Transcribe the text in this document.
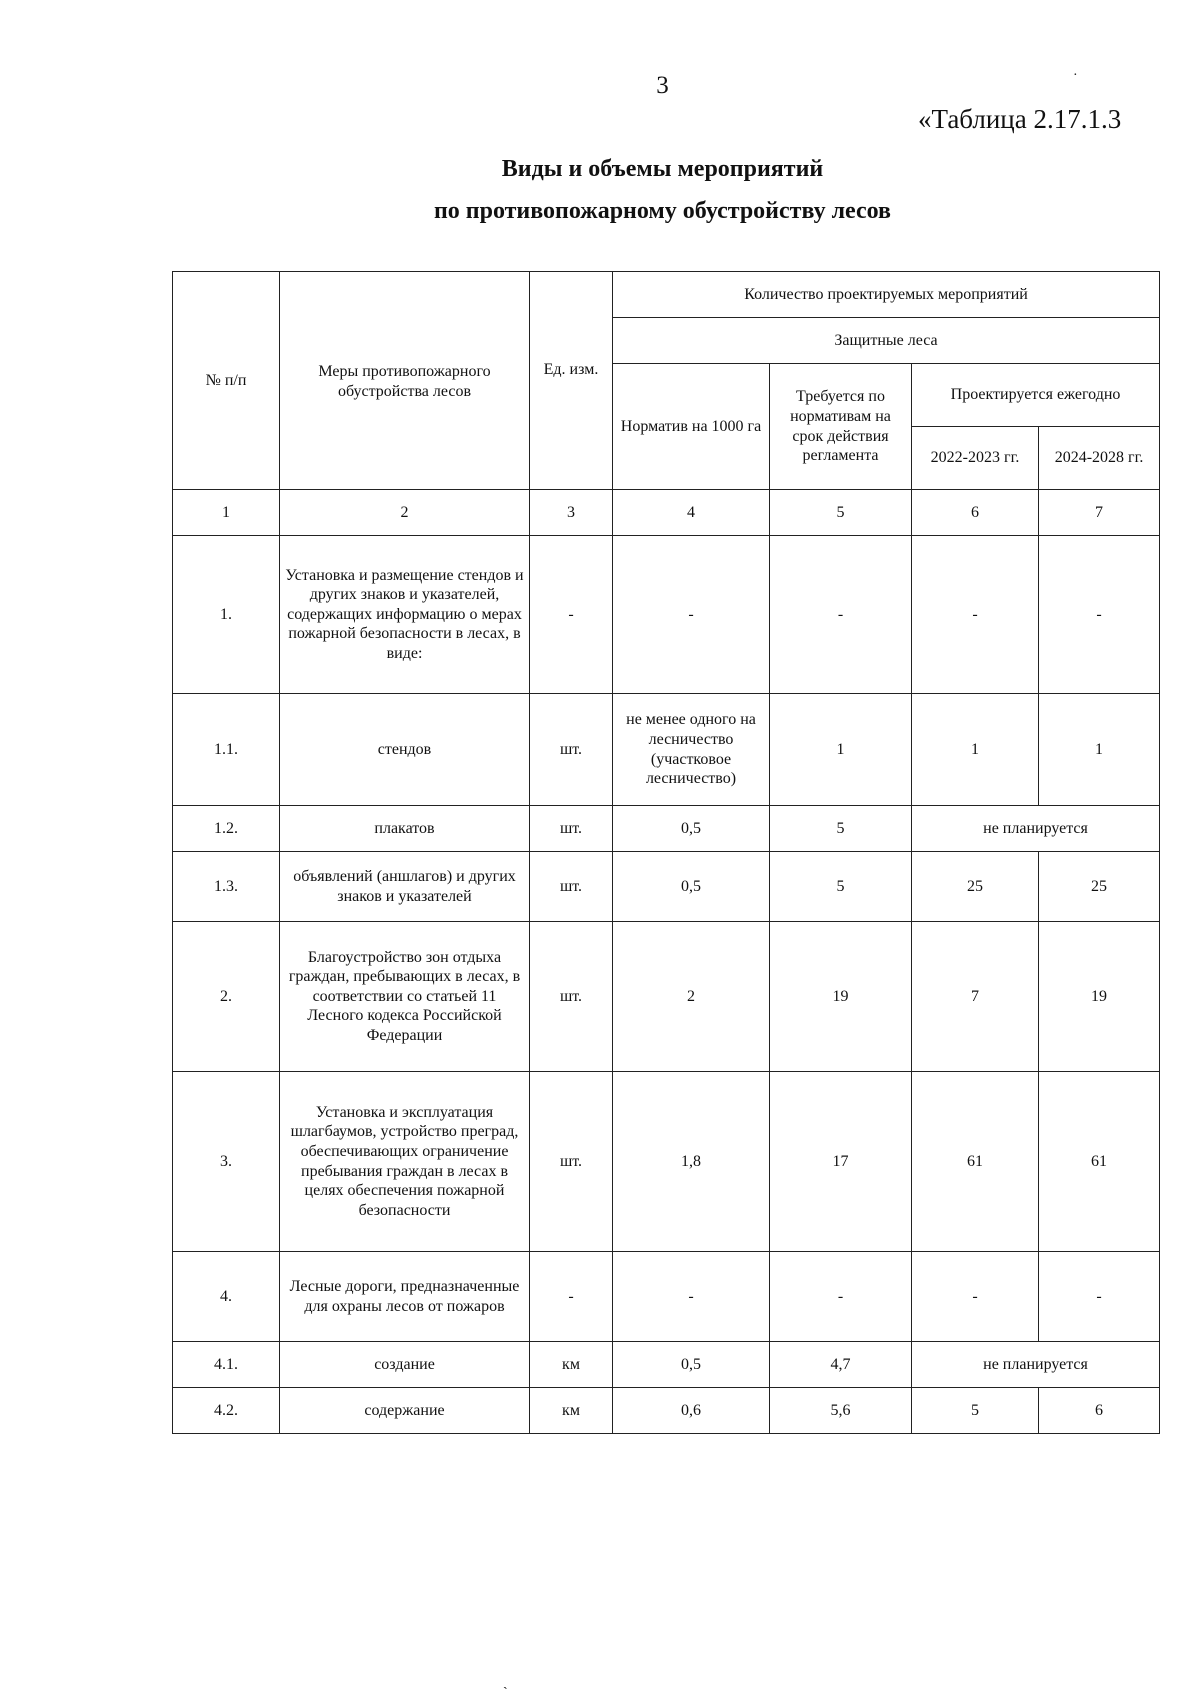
3
«Таблица 2.17.1.3
Виды и объемы мероприятий
по противопожарному обустройству лесов
·
ˏ
№ п/п	Меры противопожарного обустройства лесов	Ед. изм.	Количество проектируемых мероприятий			
			Защитные леса			
			Норматив на 1000 га	Требуется по нормативам на срок действия регламента	Проектируется ежегодно	
					2022-2023 гг.	2024-2028 гг.
1	2	3	4	5	6	7
1.	Установка и размещение стендов и других знаков и указателей, содержащих информацию о мерах пожарной безопасности в лесах, в виде:	-	-	-	-	-
1.1.	стендов	шт.	не менее одного на лесничество (участковое лесничество)	1	1	1
1.2.	плакатов	шт.	0,5	5	не планируется	
1.3.	объявлений (аншлагов) и других знаков и указателей	шт.	0,5	5	25	25
2.	Благоустройство зон отдыха граждан, пребывающих в лесах, в соответствии со статьей 11 Лесного кодекса Российской Федерации	шт.	2	19	7	19
3.	Установка и эксплуатация шлагбаумов, устройство преград, обеспечивающих ограничение пребывания граждан в лесах в целях обеспечения пожарной безопасности	шт.	1,8	17	61	61
4.	Лесные дороги, предназначенные для охраны лесов от пожаров	-	-	-	-	-
4.1.	создание	км	0,5	4,7	не планируется	
4.2.	содержание	км	0,6	5,6	5	6
